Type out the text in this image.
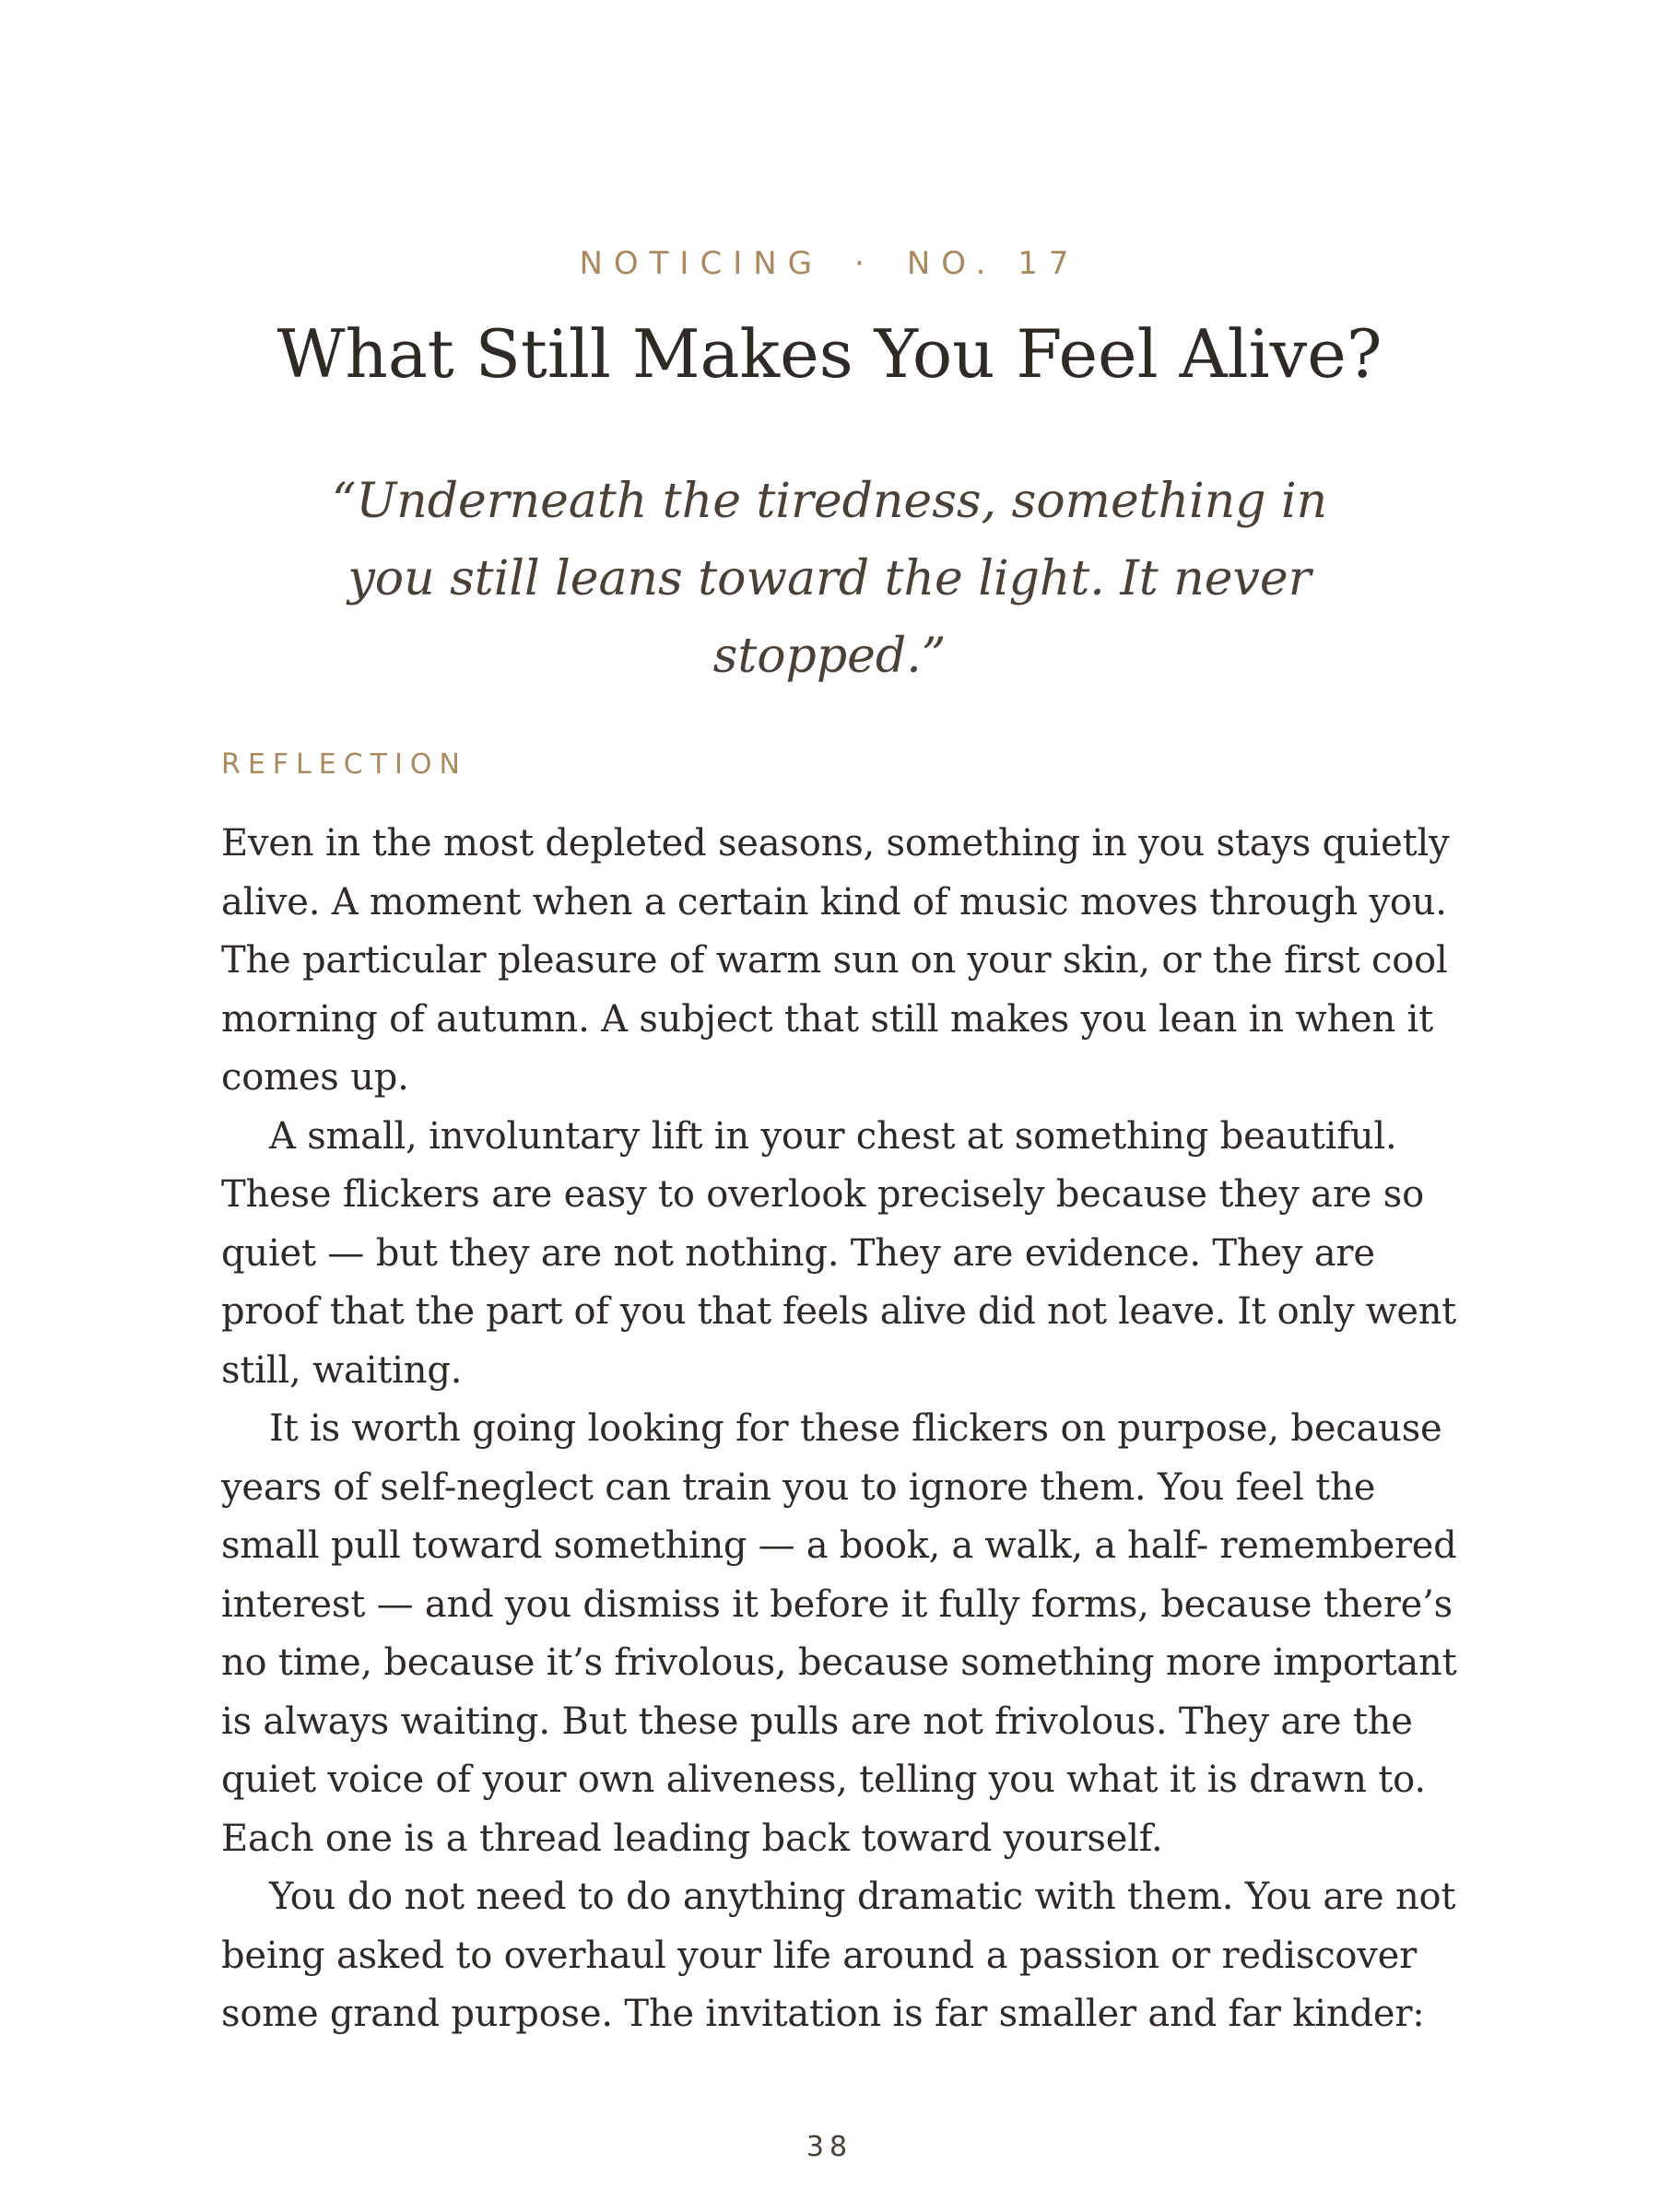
NOTICING · NO. 17
What Still Makes You Feel Alive?
“Underneath the tiredness, something in
you still leans toward the light. It never
stopped.”
REFLECTION
Even in the most depleted seasons, something in you stays quietly
alive. A moment when a certain kind of music moves through you.
The particular pleasure of warm sun on your skin, or the first cool
morning of autumn. A subject that still makes you lean in when it
comes up.
A small, involuntary lift in your chest at something beautiful.
These flickers are easy to overlook precisely because they are so
quiet — but they are not nothing. They are evidence. They are
proof that the part of you that feels alive did not leave. It only went
still, waiting.
It is worth going looking for these flickers on purpose, because
years of self-neglect can train you to ignore them. You feel the
small pull toward something — a book, a walk, a half- remembered
interest — and you dismiss it before it fully forms, because there’s
no time, because it’s frivolous, because something more important
is always waiting. But these pulls are not frivolous. They are the
quiet voice of your own aliveness, telling you what it is drawn to.
Each one is a thread leading back toward yourself.
You do not need to do anything dramatic with them. You are not
being asked to overhaul your life around a passion or rediscover
some grand purpose. The invitation is far smaller and far kinder:
38
